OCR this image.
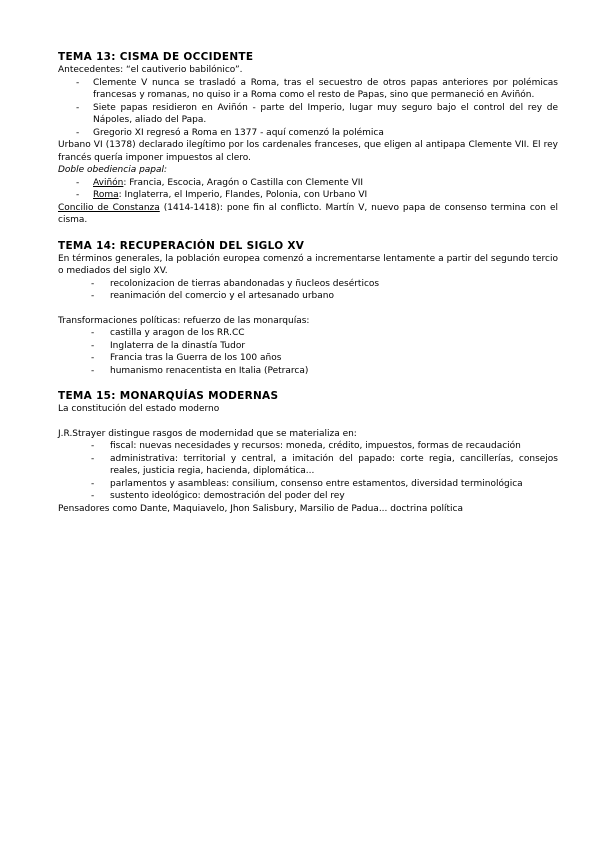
TEMA 13: CISMA DE OCCIDENTE

Antecedentes: “el cautiverio babilónico”.

- Clemente V nunca se trasladó a Roma, tras el secuestro de otros papas anteriores por polémicas francesas y romanas, no quiso ir a Roma como el resto de Papas, sino que permaneció en Aviñón.
- Siete papas residieron en Aviñón - parte del Imperio, lugar muy seguro bajo el control del rey de Nápoles, aliado del Papa.
- Gregorio XI regresó a Roma en 1377 - aquí comenzó la polémica

Urbano VI (1378) declarado ilegítimo por los cardenales franceses, que eligen al antipapa Clemente VII. El rey francés quería imponer impuestos al clero.

Doble obediencia papal:

- Aviñón: Francia, Escocia, Aragón o Castilla con Clemente VII
- Roma: Inglaterra, el Imperio, Flandes, Polonia, con Urbano VI

Concilio de Constanza (1414-1418): pone fin al conflicto. Martín V, nuevo papa de consenso termina con el cisma.

TEMA 14: RECUPERACIÓN DEL SIGLO XV

En términos generales, la población europea comenzó a incrementarse lentamente a partir del segundo tercio o mediados del siglo XV.

- recolonizacion de tierras abandonadas y ñucleos desérticos
- reanimación del comercio y el artesanado urbano

Transformaciones políticas: refuerzo de las monarquías:

- castilla y aragon de los RR.CC
- Inglaterra de la dinastía Tudor
- Francia tras la Guerra de los 100 años
- humanismo renacentista en Italia (Petrarca)

TEMA 15: MONARQUÍAS MODERNAS

La constitución del estado moderno

J.R.Strayer distingue rasgos de modernidad que se materializa en:

- fiscal: nuevas necesidades y recursos: moneda, crédito, impuestos, formas de recaudación
- administrativa: territorial y central, a imitación del papado: corte regia, cancillerías, consejos reales, justicia regia, hacienda, diplomática...
- parlamentos y asambleas: consilium, consenso entre estamentos, diversidad terminológica
- sustento ideológico: demostración del poder del rey

Pensadores como Dante, Maquiavelo, Jhon Salisbury, Marsilio de Padua... doctrina política
